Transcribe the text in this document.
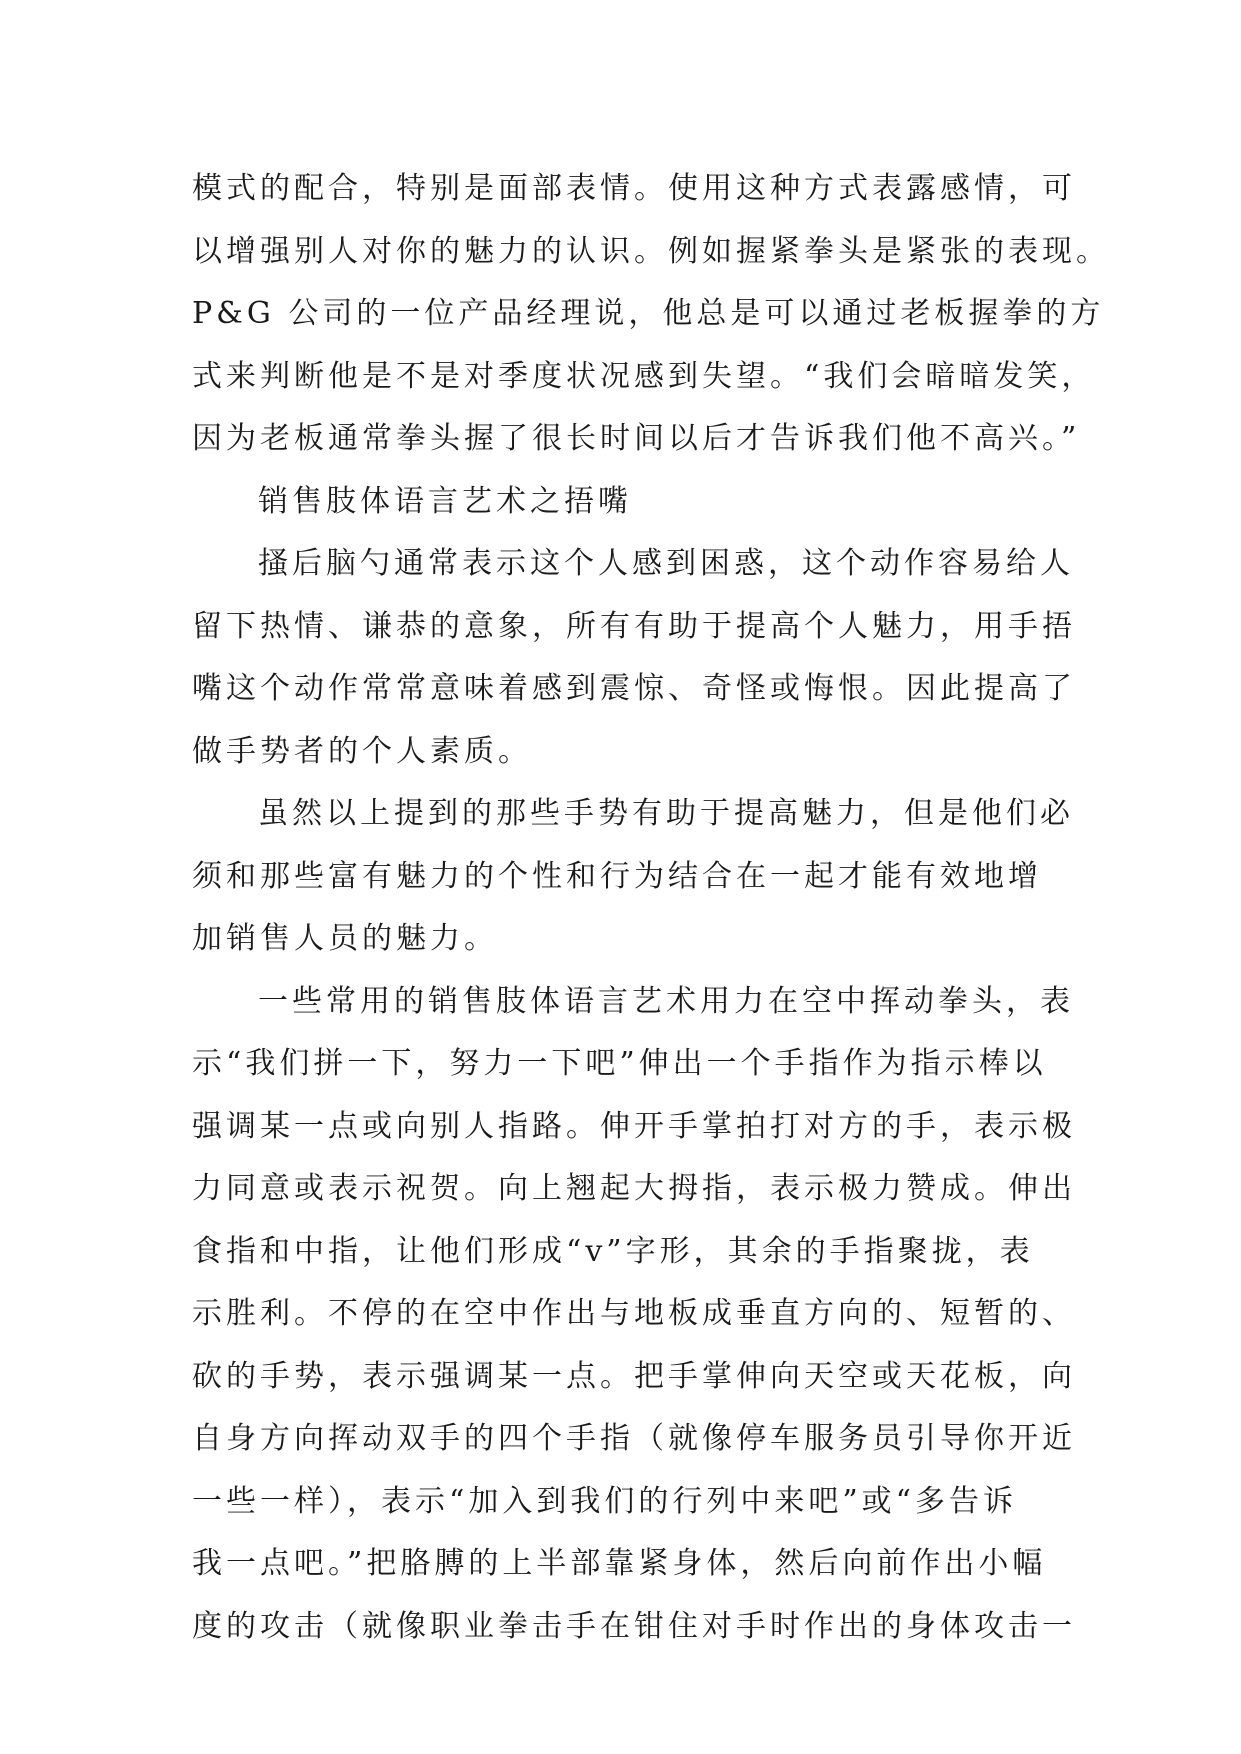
模式的配合，特别是面部表情。使用这种方式表露感情，可
以增强别人对你的魅力的认识。例如握紧拳头是紧张的表现。
P&G 公司的一位产品经理说，他总是可以通过老板握拳的方
式来判断他是不是对季度状况感到失望。“我们会暗暗发笑，
因为老板通常拳头握了很长时间以后才告诉我们他不高兴。”
销售肢体语言艺术之捂嘴
搔后脑勺通常表示这个人感到困惑，这个动作容易给人
留下热情、谦恭的意象，所有有助于提高个人魅力，用手捂
嘴这个动作常常意味着感到震惊、奇怪或悔恨。因此提高了
做手势者的个人素质。
虽然以上提到的那些手势有助于提高魅力，但是他们必
须和那些富有魅力的个性和行为结合在一起才能有效地增
加销售人员的魅力。
一些常用的销售肢体语言艺术用力在空中挥动拳头，表
示“我们拼一下，努力一下吧”伸出一个手指作为指示棒以
强调某一点或向别人指路。伸开手掌拍打对方的手，表示极
力同意或表示祝贺。向上翘起大拇指，表示极力赞成。伸出
食指和中指，让他们形成“v”字形，其余的手指聚拢，表
示胜利。不停的在空中作出与地板成垂直方向的、短暂的、
砍的手势，表示强调某一点。把手掌伸向天空或天花板，向
自身方向挥动双手的四个手指（就像停车服务员引导你开近
一些一样），表示“加入到我们的行列中来吧”或“多告诉
我一点吧。”把胳膊的上半部靠紧身体，然后向前作出小幅
度的攻击（就像职业拳击手在钳住对手时作出的身体攻击一
